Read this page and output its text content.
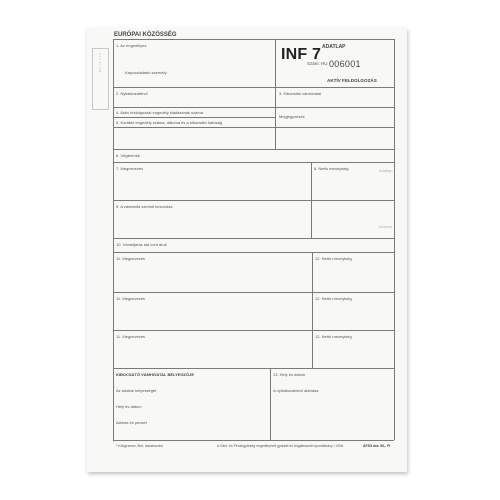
B.K. T.B. 2 1 A
EURÓPAI KÖZÖSSÉG
INF 7 ADATLAP
Szám: HU 006001
AKTÍV FELDOLGOZÁS
1. Az engedélyes
Kapcsolattartó személy:
2. Nyilatkozattevő	3. Kibocsátó vámhivatal
4. Aktív feldolgozási engedély kiadásának száma
5. Korábbi engedély száma, dátuma és a kibocsátó hatóság
Megjegyzések
6. Végtermék
7. Megnevezés	8. Nettó mennyiség
9. A vámtarifa szerinti besorolás
10. Vámeljárás alá vont áruk
11. Megnevezés	12. Nettó mennyiség
11. Megnevezés	12. Nettó mennyiség
11. Megnevezés	12. Nettó mennyiség
KIBOCSÁTÓ VÁMHIVATAL BÉLYEGZŐJE
Az adatok helyességét
Hely és dátum
Aláírás és pecsét
13. Hely és dátum
A nyilatkozattevő aláírása
Adatlap
kivonat
* Kilogramm, liter, darabszám	A Vám- és Pénzügyőrség engedélyével gyártott és forgalmazott nyomtatvány • VIVA	ÁFÁS ára: 80,- Ft
